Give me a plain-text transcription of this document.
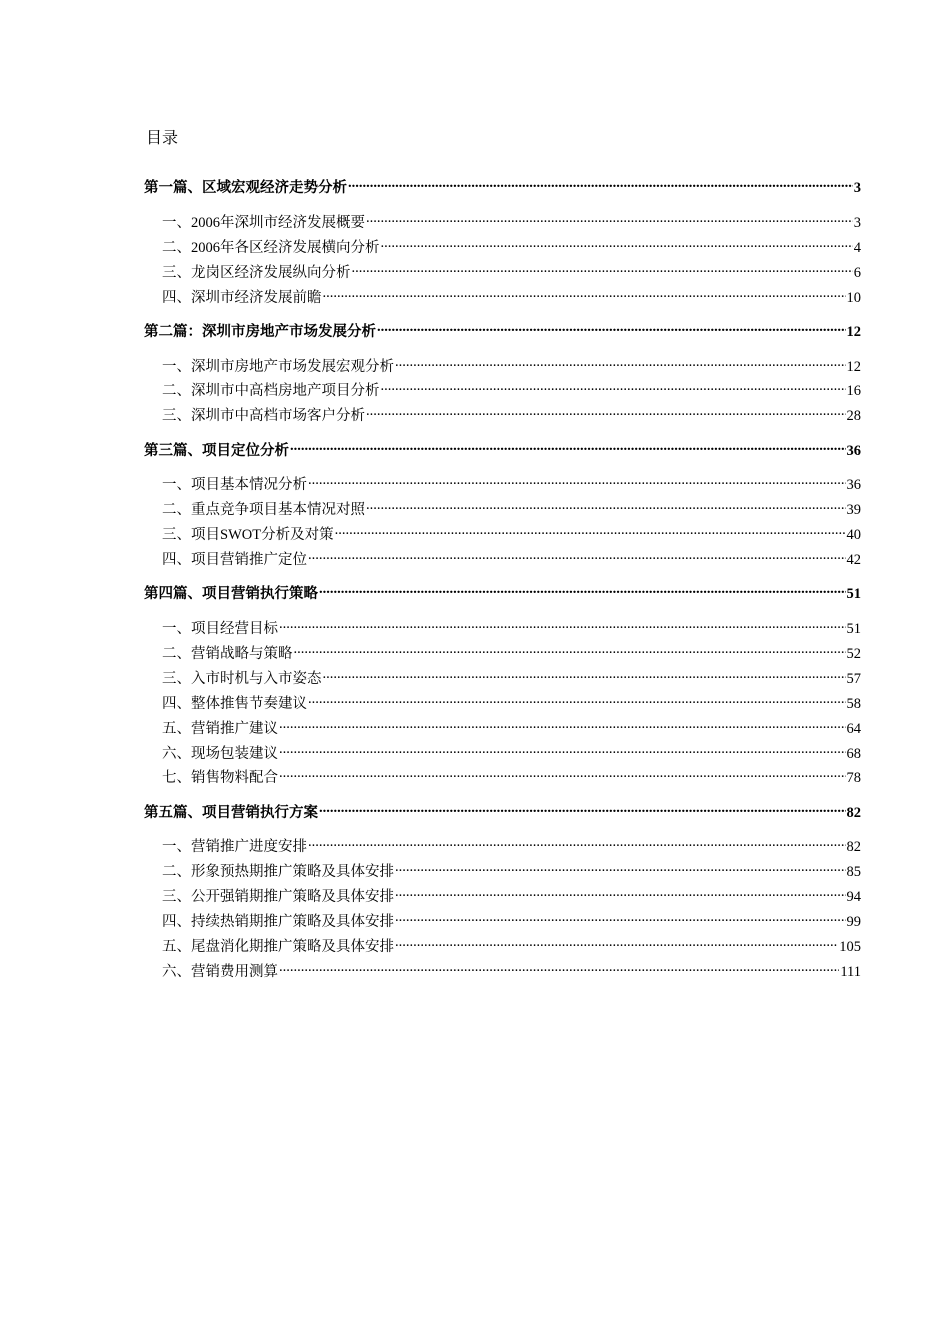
目录
第一篇、区域宏观经济走势分析 .....	3
一、2006年深圳市经济发展概要 .....	3
二、2006年各区经济发展横向分析 .....	4
三、龙岗区经济发展纵向分析 .....	6
四、深圳市经济发展前瞻 .....	10
第二篇：深圳市房地产市场发展分析 .....	12
一、深圳市房地产市场发展宏观分析 .....	12
二、深圳市中高档房地产项目分析 .....	16
三、深圳市中高档市场客户分析 .....	28
第三篇、项目定位分析 .....	36
一、项目基本情况分析 .....	36
二、重点竞争项目基本情况对照 .....	39
三、项目SWOT分析及对策 .....	40
四、项目营销推广定位 .....	42
第四篇、项目营销执行策略 .....	51
一、项目经营目标 .....	51
二、营销战略与策略 .....	52
三、入市时机与入市姿态 .....	57
四、整体推售节奏建议 .....	58
五、营销推广建议 .....	64
六、现场包装建议 .....	68
七、销售物料配合 .....	78
第五篇、项目营销执行方案 .....	82
一、营销推广进度安排 .....	82
二、形象预热期推广策略及具体安排 .....	85
三、公开强销期推广策略及具体安排 .....	94
四、持续热销期推广策略及具体安排 .....	99
五、尾盘消化期推广策略及具体安排 .....	105
六、营销费用测算 .....	111
